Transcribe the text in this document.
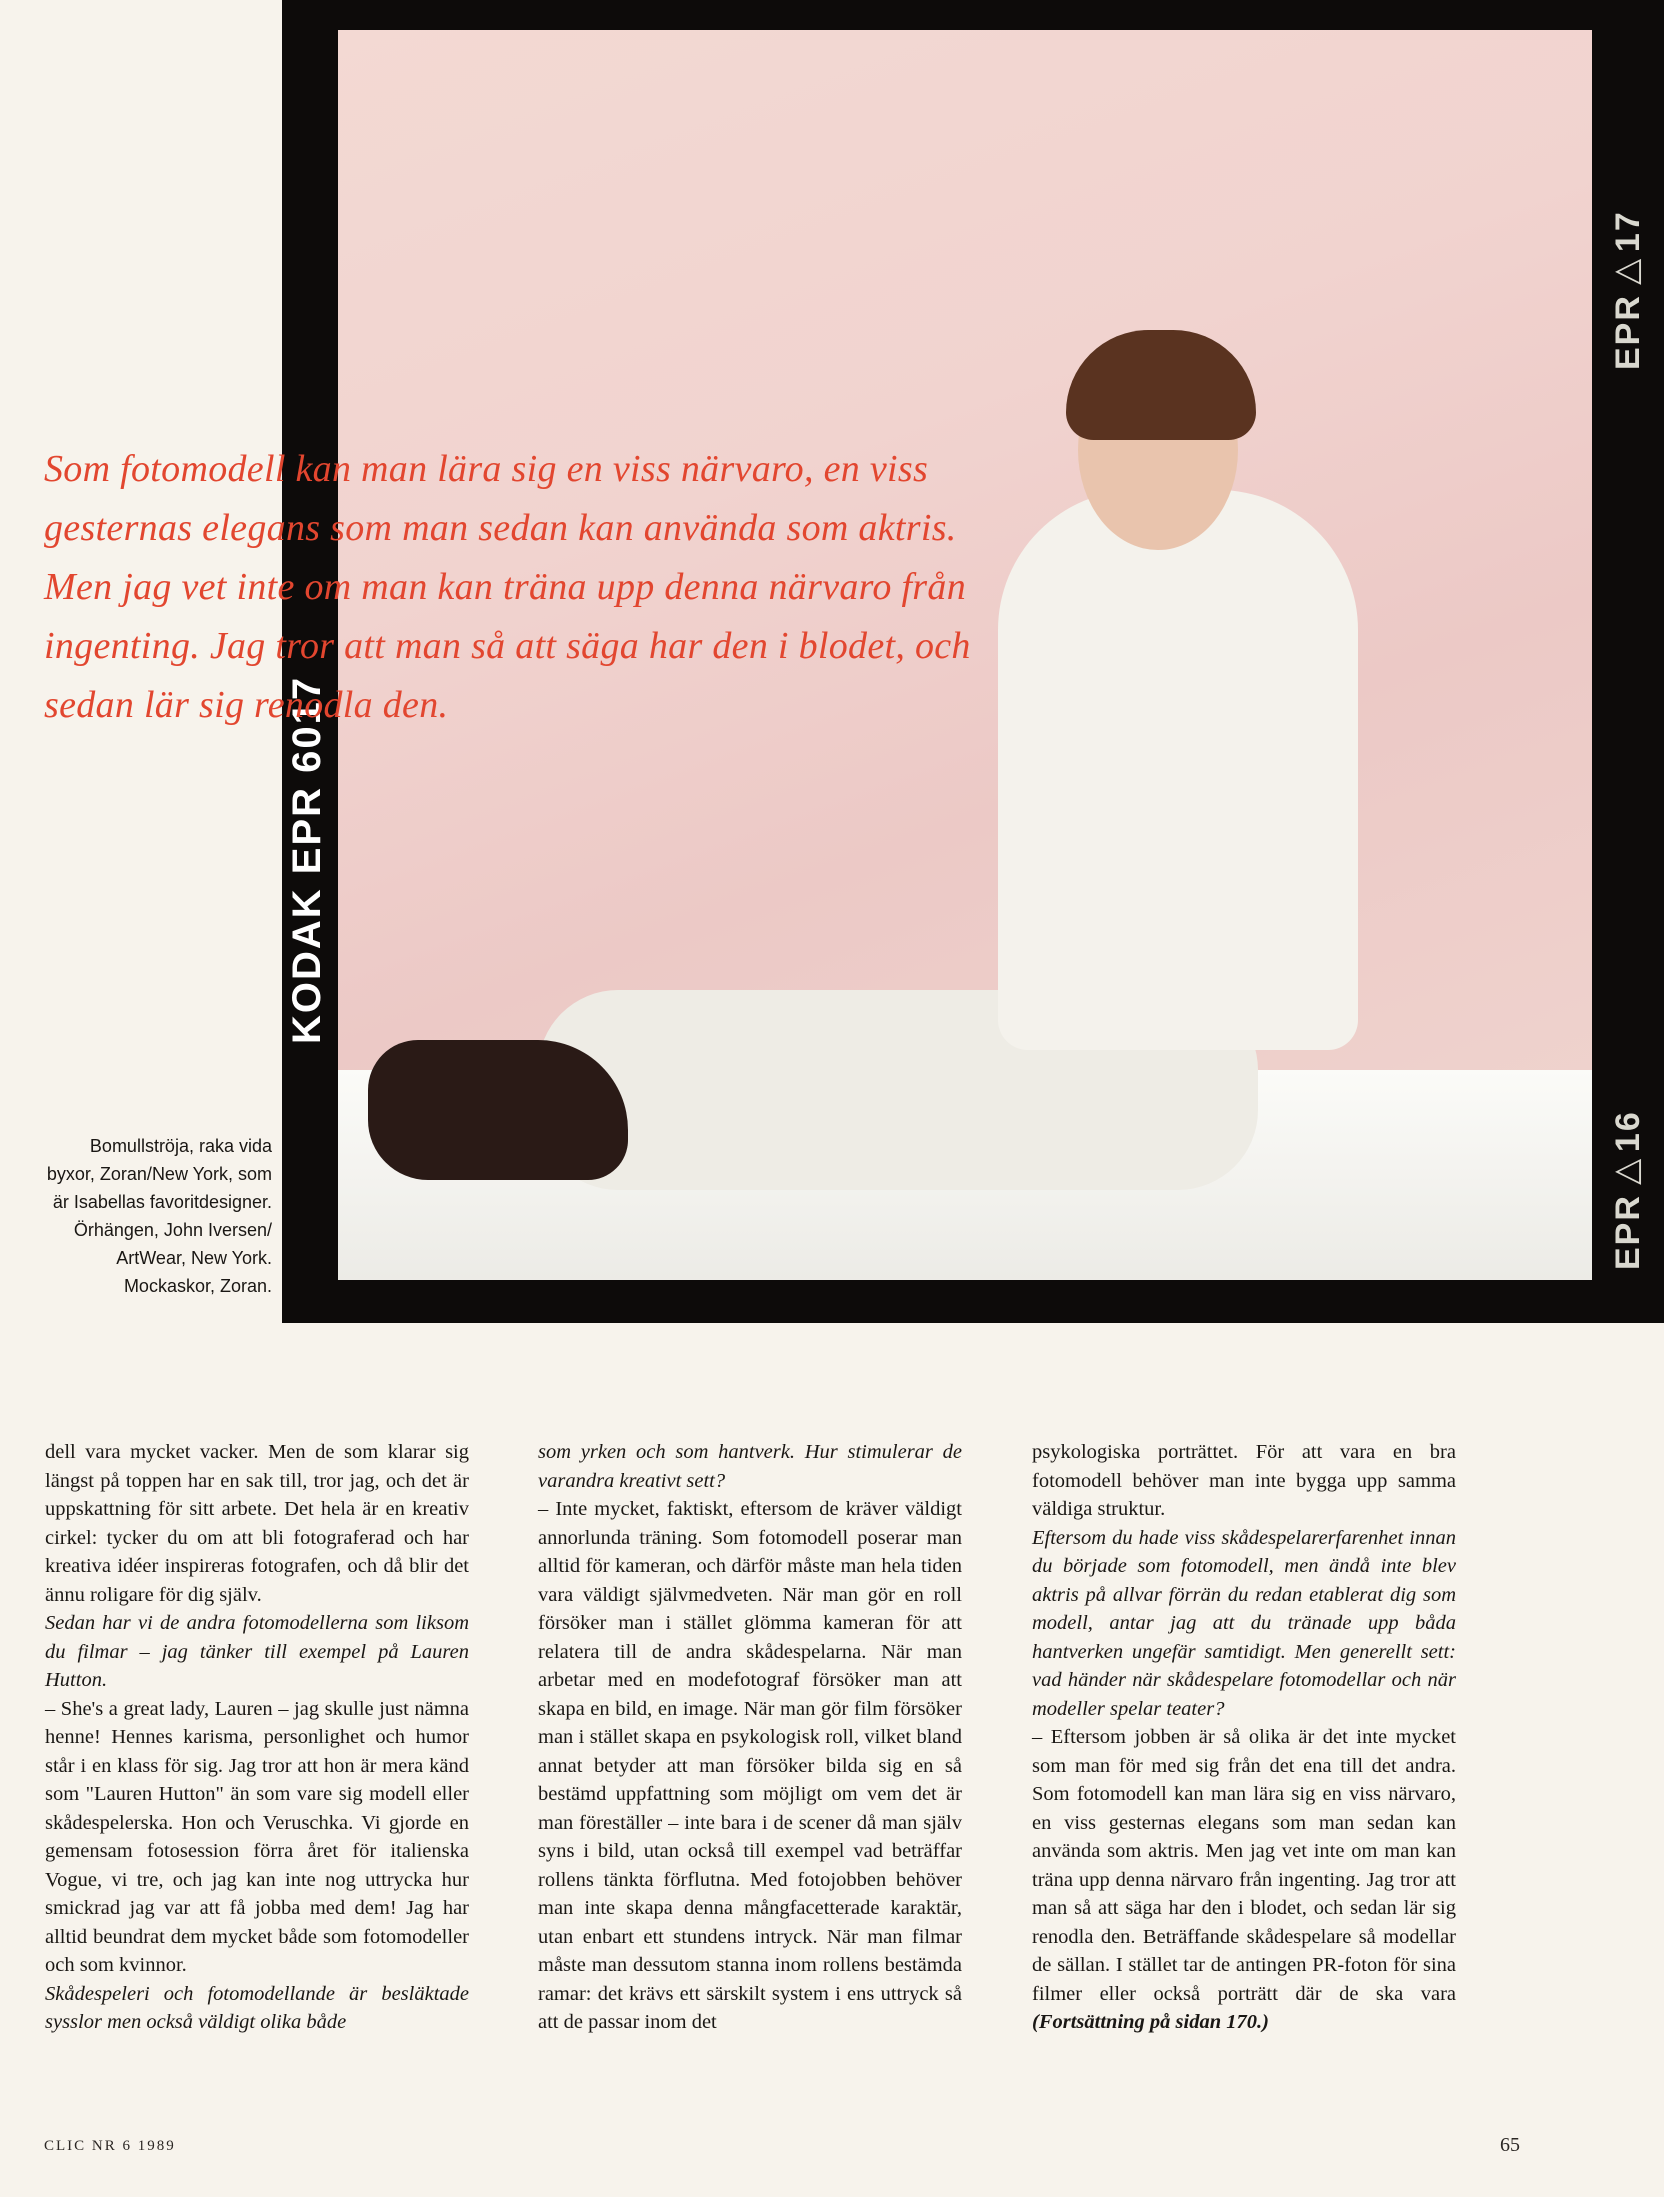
KODAK EPR 6017
EPR▷17
EPR▷16

Som fotomodell kan man lära sig en viss närvaro, en viss gesternas elegans som man sedan kan använda som aktris. Men jag vet inte om man kan träna upp denna närvaro från ingenting. Jag tror att man så att säga har den i blodet, och sedan lär sig renodla den.

Bomullströja, raka vida byxor, Zoran/New York, som är Isabellas favoritdesigner. Örhängen, John Iversen/ ArtWear, New York. Mockaskor, Zoran.

dell vara mycket vacker. Men de som klarar sig längst på toppen har en sak till, tror jag, och det är uppskattning för sitt arbete. Det hela är en kreativ cirkel: tycker du om att bli fotograferad och har kreativa idéer inspireras fotografen, och då blir det ännu roligare för dig själv.

Sedan har vi de andra fotomodellerna som liksom du filmar – jag tänker till exempel på Lauren Hutton.

– She's a great lady, Lauren – jag skulle just nämna henne! Hennes karisma, personlighet och humor står i en klass för sig. Jag tror att hon är mera känd som "Lauren Hutton" än som vare sig modell eller skådespelerska. Hon och Veruschka. Vi gjorde en gemensam fotosession förra året för italienska Vogue, vi tre, och jag kan inte nog uttrycka hur smickrad jag var att få jobba med dem! Jag har alltid beundrat dem mycket både som fotomodeller och som kvinnor.

Skådespeleri och fotomodellande är besläktade sysslor men också väldigt olika både

som yrken och som hantverk. Hur stimulerar de varandra kreativt sett?

– Inte mycket, faktiskt, eftersom de kräver väldigt annorlunda träning. Som fotomodell poserar man alltid för kameran, och därför måste man hela tiden vara väldigt självmedveten. När man gör en roll försöker man i stället glömma kameran för att relatera till de andra skådespelarna. När man arbetar med en modefotograf försöker man att skapa en bild, en image. När man gör film försöker man i stället skapa en psykologisk roll, vilket bland annat betyder att man försöker bilda sig en så bestämd uppfattning som möjligt om vem det är man föreställer – inte bara i de scener då man själv syns i bild, utan också till exempel vad beträffar rollens tänkta förflutna. Med fotojobben behöver man inte skapa denna mångfacetterade karaktär, utan enbart ett stundens intryck. När man filmar måste man dessutom stanna inom rollens bestämda ramar: det krävs ett särskilt system i ens uttryck så att de passar inom det

psykologiska porträttet. För att vara en bra fotomodell behöver man inte bygga upp samma väldiga struktur.

Eftersom du hade viss skådespelarerfarenhet innan du började som fotomodell, men ändå inte blev aktris på allvar förrän du redan etablerat dig som modell, antar jag att du tränade upp båda hantverken ungefär samtidigt. Men generellt sett: vad händer när skådespelare fotomodellar och när modeller spelar teater?

– Eftersom jobben är så olika är det inte mycket som man för med sig från det ena till det andra. Som fotomodell kan man lära sig en viss närvaro, en viss gesternas elegans som man sedan kan använda som aktris. Men jag vet inte om man kan träna upp denna närvaro från ingenting. Jag tror att man så att säga har den i blodet, och sedan lär sig renodla den. Beträffande skådespelare så modellar de sällan. I stället tar de antingen PR-foton för sina filmer eller också porträtt där de ska vara (Fortsättning på sidan 170.)

CLIC NR 6 1989	65
